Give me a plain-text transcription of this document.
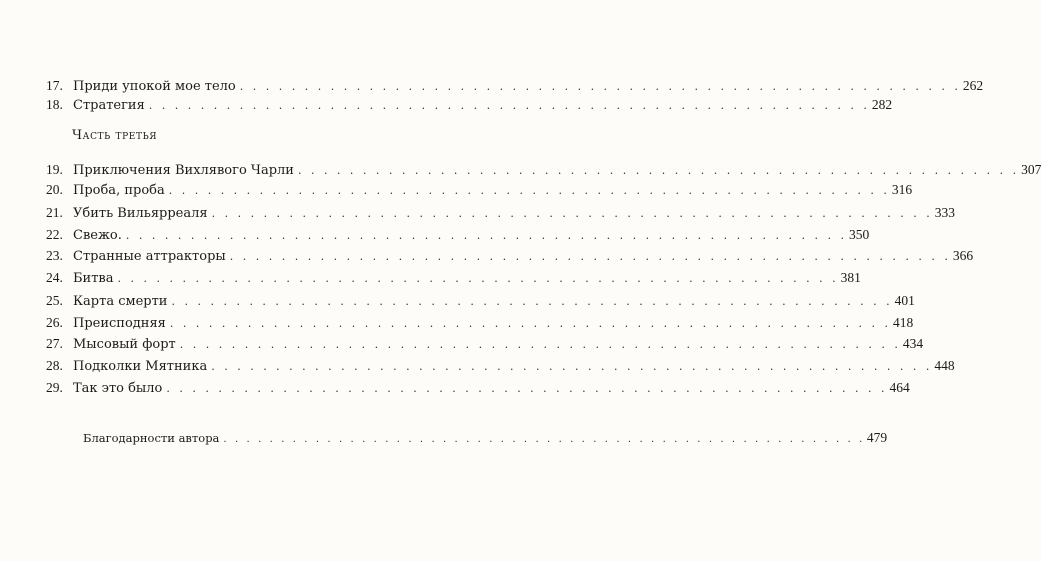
17. Приди упокой мое тело . . . . . . . . . . . . . . . . . . . . . . . . . . . . . . . . . . . . . . . . . . . . . . . . . . . . . . . . 262
18. Стратегия . . . . . . . . . . . . . . . . . . . . . . . . . . . . . . . . . . . . . . . . . . . . . . . . . . . . . . . . 282
Часть третья
19. Приключения Вихлявого Чарли . . . . . . . . . . . . . . . . . . . . . . . . . . . . . . . . . . . . . . . . . . . . . . . . . . . . . . . . 307
20. Проба, проба . . . . . . . . . . . . . . . . . . . . . . . . . . . . . . . . . . . . . . . . . . . . . . . . . . . . . . . . 316
21. Убить Вильярреаля . . . . . . . . . . . . . . . . . . . . . . . . . . . . . . . . . . . . . . . . . . . . . . . . . . . . . . . . 333
22. Свежо. . . . . . . . . . . . . . . . . . . . . . . . . . . . . . . . . . . . . . . . . . . . . . . . . . . . . . . . . 350
23. Странные аттракторы . . . . . . . . . . . . . . . . . . . . . . . . . . . . . . . . . . . . . . . . . . . . . . . . . . . . . . . . 366
24. Битва . . . . . . . . . . . . . . . . . . . . . . . . . . . . . . . . . . . . . . . . . . . . . . . . . . . . . . . . 381
25. Карта смерти . . . . . . . . . . . . . . . . . . . . . . . . . . . . . . . . . . . . . . . . . . . . . . . . . . . . . . . . 401
26. Преисподняя . . . . . . . . . . . . . . . . . . . . . . . . . . . . . . . . . . . . . . . . . . . . . . . . . . . . . . . . 418
27. Мысовый форт . . . . . . . . . . . . . . . . . . . . . . . . . . . . . . . . . . . . . . . . . . . . . . . . . . . . . . . . 434
28. Подколки Мятника . . . . . . . . . . . . . . . . . . . . . . . . . . . . . . . . . . . . . . . . . . . . . . . . . . . . . . . . 448
29. Так это было . . . . . . . . . . . . . . . . . . . . . . . . . . . . . . . . . . . . . . . . . . . . . . . . . . . . . . . . 464
Благодарности автора . . . . . . . . . . . . . . . . . . . . . . . . . . . . . . . . . . . . . . . . . . . . . . . . . . . . . . . . 479
